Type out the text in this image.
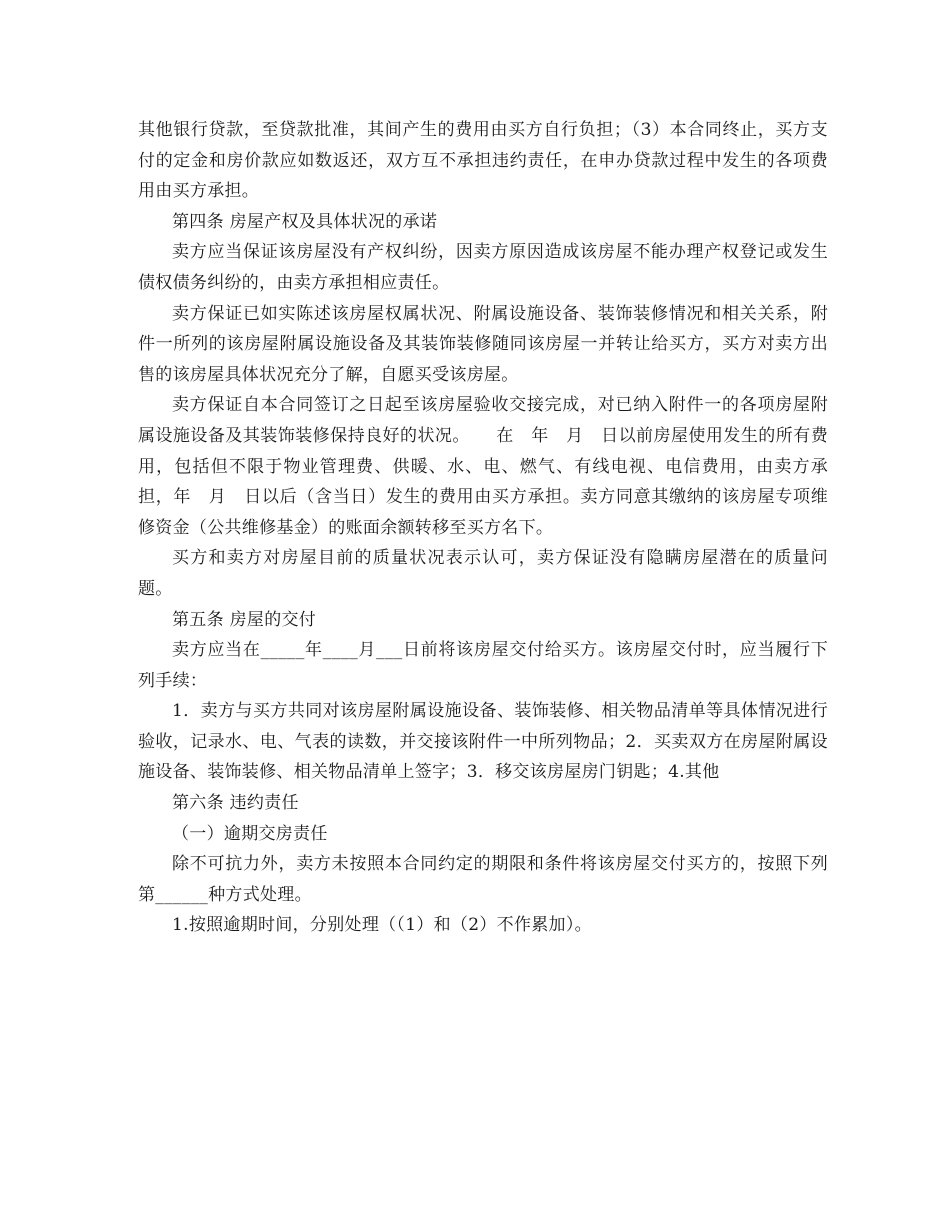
其他银行贷款，至贷款批准，其间产生的费用由买方自行负担；（3）本合同终止，买方支付的定金和房价款应如数返还，双方互不承担违约责任，在申办贷款过程中发生的各项费用由买方承担。

第四条 房屋产权及具体状况的承诺

卖方应当保证该房屋没有产权纠纷，因卖方原因造成该房屋不能办理产权登记或发生债权债务纠纷的，由卖方承担相应责任。

卖方保证已如实陈述该房屋权属状况、附属设施设备、装饰装修情况和相关关系，附件一所列的该房屋附属设施设备及其装饰装修随同该房屋一并转让给买方，买方对卖方出售的该房屋具体状况充分了解，自愿买受该房屋。

卖方保证自本合同签订之日起至该房屋验收交接完成，对已纳入附件一的各项房屋附属设施设备及其装饰装修保持良好的状况。　　在　年　月　日以前房屋使用发生的所有费用，包括但不限于物业管理费、供暖、水、电、燃气、有线电视、电信费用，由卖方承担，年　月　日以后（含当日）发生的费用由买方承担。卖方同意其缴纳的该房屋专项维修资金（公共维修基金）的账面余额转移至买方名下。

买方和卖方对房屋目前的质量状况表示认可，卖方保证没有隐瞒房屋潜在的质量问题。

第五条 房屋的交付

卖方应当在_____年____月___日前将该房屋交付给买方。该房屋交付时，应当履行下列手续：

1．卖方与买方共同对该房屋附属设施设备、装饰装修、相关物品清单等具体情况进行验收，记录水、电、气表的读数，并交接该附件一中所列物品；2．买卖双方在房屋附属设施设备、装饰装修、相关物品清单上签字；3．移交该房屋房门钥匙；4.其他

第六条 违约责任

（一）逾期交房责任

除不可抗力外，卖方未按照本合同约定的期限和条件将该房屋交付买方的，按照下列第______种方式处理。

1.按照逾期时间，分别处理（（1）和（2）不作累加）。
